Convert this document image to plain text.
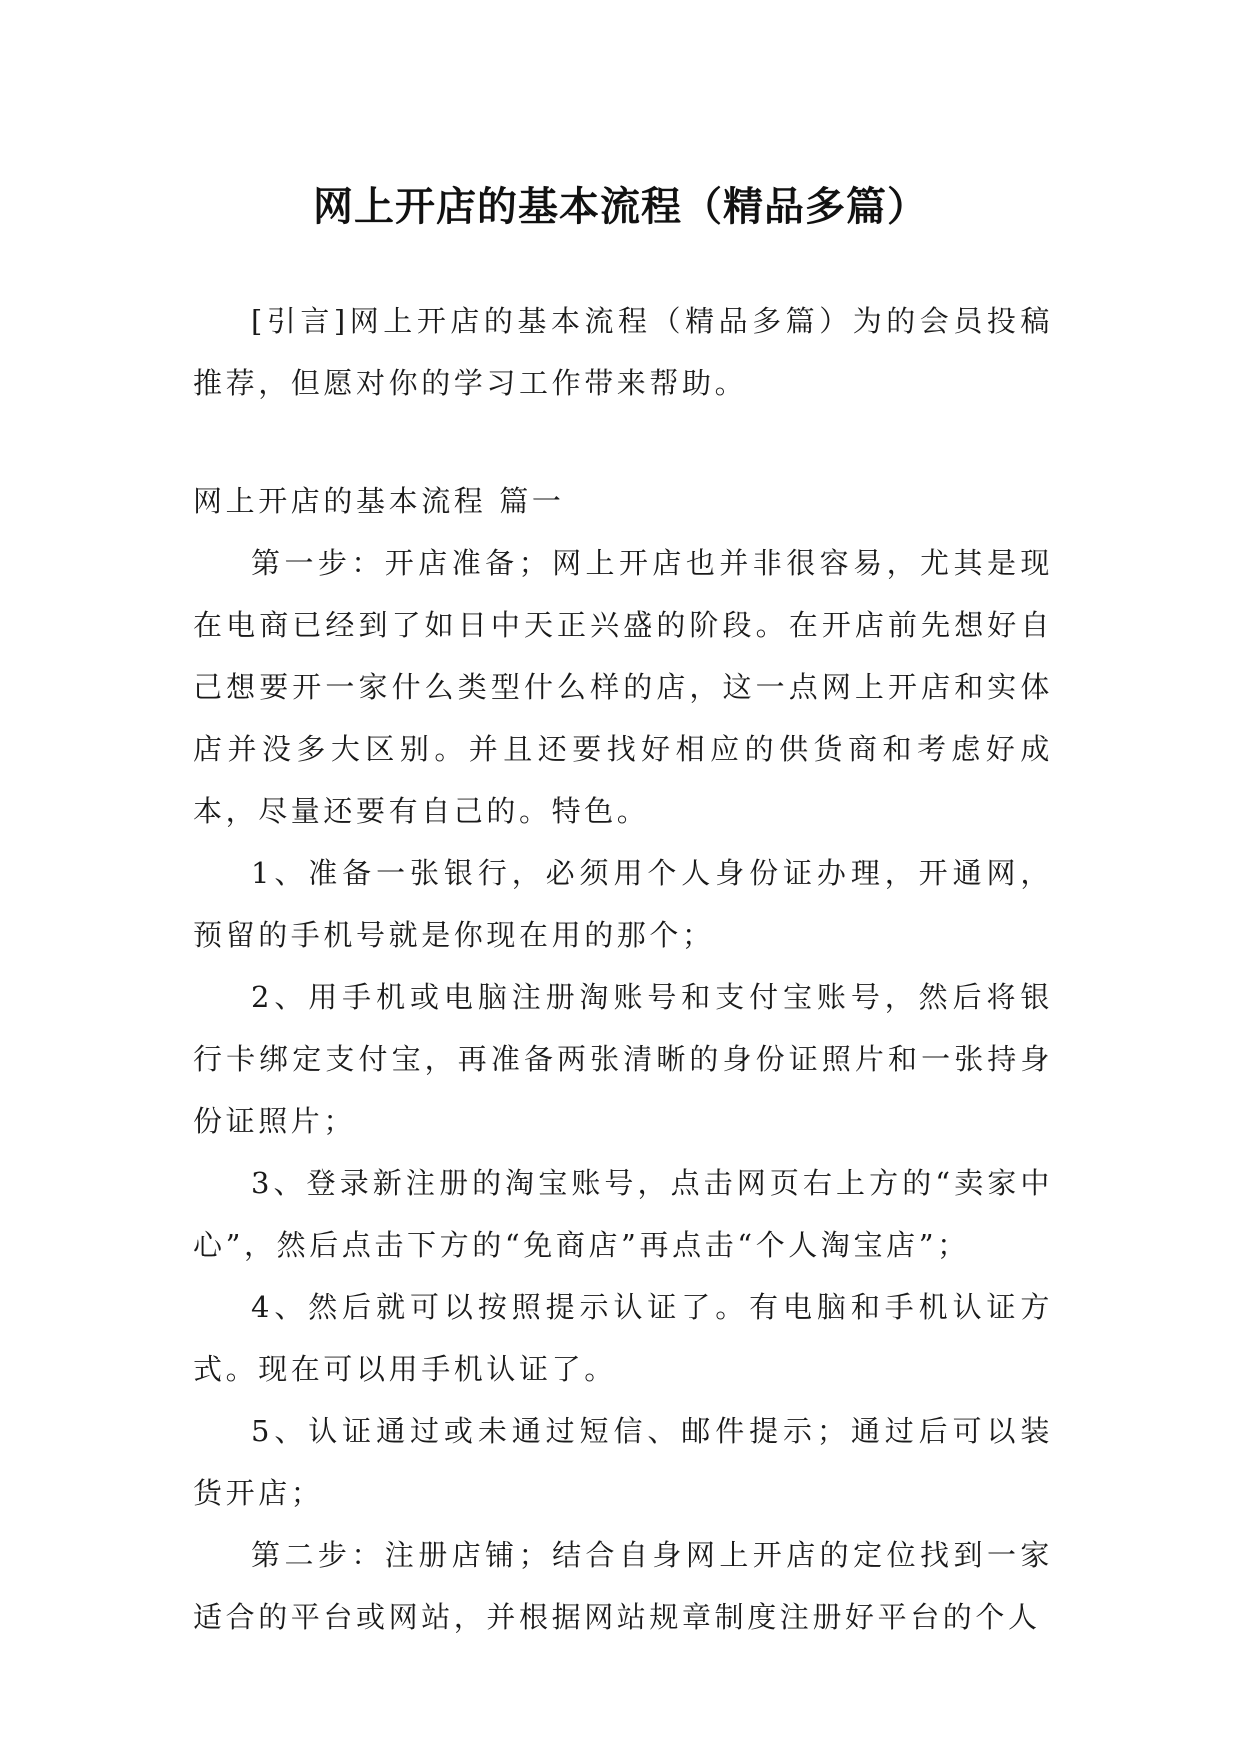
网上开店的基本流程（精品多篇）

[引言]网上开店的基本流程（精品多篇）为的会员投稿推荐，但愿对你的学习工作带来帮助。

网上开店的基本流程 篇一

第一步：开店准备；网上开店也并非很容易，尤其是现在电商已经到了如日中天正兴盛的阶段。在开店前先想好自己想要开一家什么类型什么样的店，这一点网上开店和实体店并没多大区别。并且还要找好相应的供货商和考虑好成本，尽量还要有自己的。特色。

1、准备一张银行，必须用个人身份证办理，开通网，预留的手机号就是你现在用的那个；

2、用手机或电脑注册淘账号和支付宝账号，然后将银行卡绑定支付宝，再准备两张清晰的身份证照片和一张持身份证照片；

3、登录新注册的淘宝账号，点击网页右上方的“卖家中心”，然后点击下方的“免商店”再点击“个人淘宝店”；

4、然后就可以按照提示认证了。有电脑和手机认证方式。现在可以用手机认证了。

5、认证通过或未通过短信、邮件提示；通过后可以装货开店；

第二步：注册店铺；结合自身网上开店的定位找到一家适合的平台或网站，并根据网站规章制度注册好平台的个人
